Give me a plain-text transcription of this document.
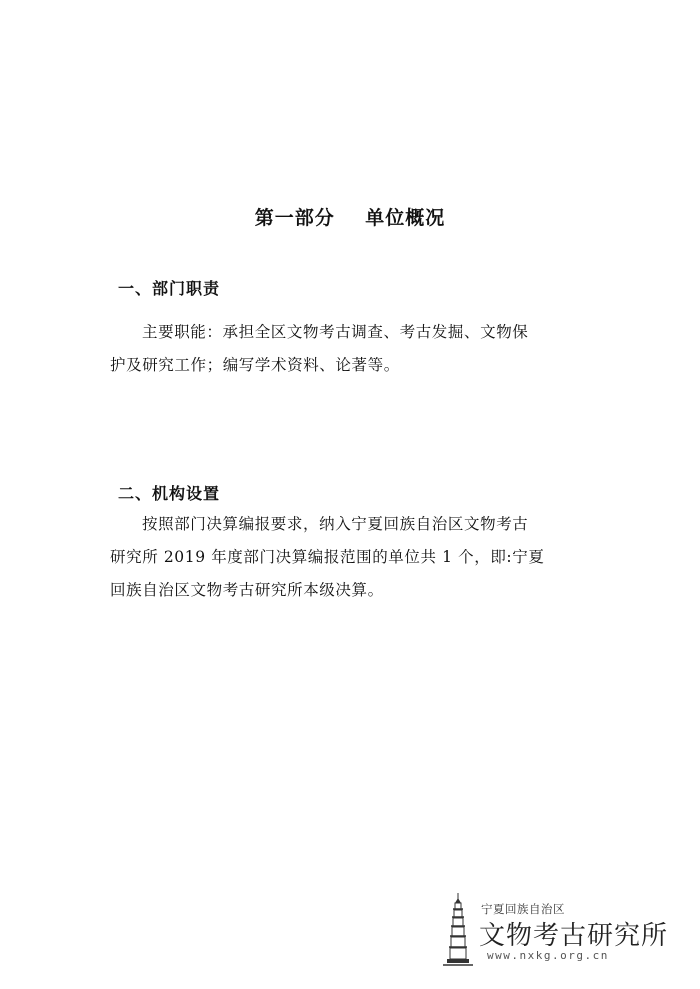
第一部分    单位概况
一、部门职责

主要职能：承担全区文物考古调查、考古发掘、文物保

护及研究工作；编写学术资料、论著等。

二、机构设置

按照部门决算编报要求，纳入宁夏回族自治区文物考古

研究所 2019 年度部门决算编报范围的单位共 1 个，即:宁夏

回族自治区文物考古研究所本级决算。

宁夏回族自治区
文物考古研究所
www.nxkg.org.cn
